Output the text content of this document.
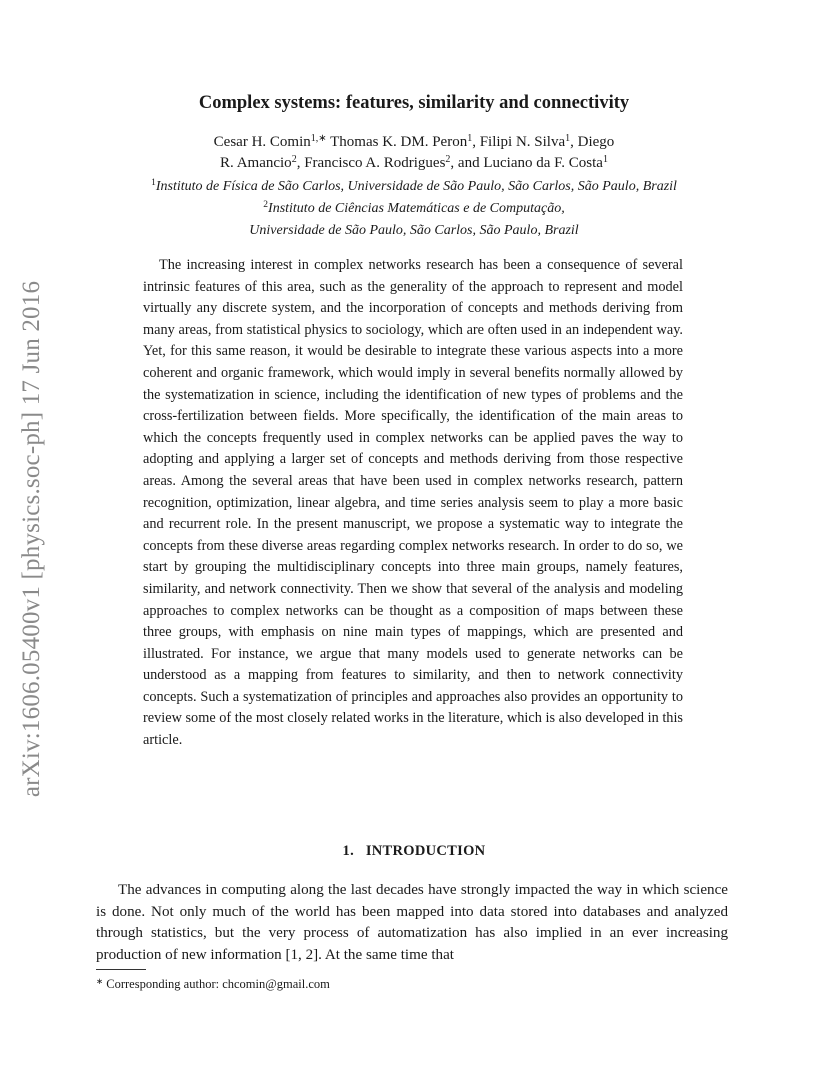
arXiv:1606.05400v1 [physics.soc-ph] 17 Jun 2016
Complex systems: features, similarity and connectivity
Cesar H. Comin$^{1,∗}$ Thomas K. DM. Peron$^1$, Filipi N. Silva$^1$, Diego
R. Amancio$^2$, Francisco A. Rodrigues$^2$, and Luciano da F. Costa$^1$
$^1$Instituto de Física de São Carlos, Universidade de São Paulo, São Carlos, São Paulo, Brazil
$^2$Instituto de Ciências Matemáticas e de Computação,
Universidade de São Paulo, São Carlos, São Paulo, Brazil

The increasing interest in complex networks research has been a consequence of several intrinsic features of this area, such as the generality of the approach to represent and model virtually any discrete system, and the incorporation of concepts and methods deriving from many areas, from statistical physics to sociology, which are often used in an independent way. Yet, for this same reason, it would be desirable to integrate these various aspects into a more coherent and organic framework, which would imply in several benefits normally allowed by the systematization in science, including the identification of new types of problems and the cross-fertilization between fields. More specifically, the identification of the main areas to which the concepts frequently used in complex networks can be applied paves the way to adopting and applying a larger set of concepts and methods deriving from those respective areas. Among the several areas that have been used in complex networks research, pattern recognition, optimization, linear algebra, and time series analysis seem to play a more basic and recurrent role. In the present manuscript, we propose a systematic way to integrate the concepts from these diverse areas regarding complex networks research. In order to do so, we start by grouping the multidisciplinary concepts into three main groups, namely features, similarity, and network connectivity. Then we show that several of the analysis and modeling approaches to complex networks can be thought as a composition of maps between these three groups, with emphasis on nine main types of mappings, which are presented and illustrated. For instance, we argue that many models used to generate networks can be understood as a mapping from features to similarity, and then to network connectivity concepts. Such a systematization of principles and approaches also provides an opportunity to review some of the most closely related works in the literature, which is also developed in this article.

1. INTRODUCTION

The advances in computing along the last decades have strongly impacted the way in which science is done. Not only much of the world has been mapped into data stored into databases and analyzed through statistics, but the very process of automatization has also implied in an ever increasing production of new information [1, 2]. At the same time that

∗ Corresponding author: chcomin@gmail.com
